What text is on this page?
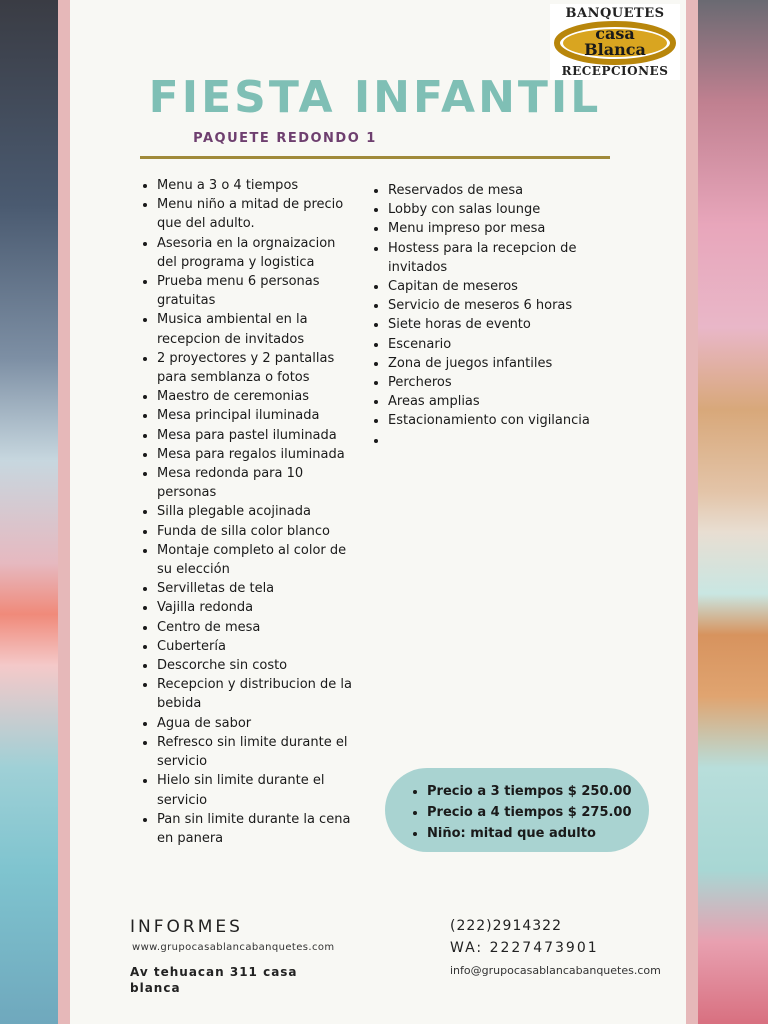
BANQUETES
casa
Blanca
RECEPCIONES
FIESTA INFANTIL
PAQUETE REDONDO 1
• Menu a 3 o 4 tiempos
• Menu niño a mitad de precio que del adulto.
• Asesoria en la orgnaizacion del programa y logistica
• Prueba menu 6 personas gratuitas
• Musica ambiental en la recepcion de invitados
• 2 proyectores y 2 pantallas para semblanza o fotos
• Maestro de ceremonias
• Mesa principal iluminada
• Mesa para pastel iluminada
• Mesa para regalos iluminada
• Mesa redonda para 10 personas
• Silla plegable acojinada
• Funda de silla color blanco
• Montaje completo al color de su elección
• Servilletas de tela
• Vajilla redonda
• Centro de mesa
• Cubertería
• Descorche sin costo
• Recepcion y distribucion de la bebida
• Agua de sabor
• Refresco sin limite durante el servicio
• Hielo sin limite durante el servicio
• Pan sin limite durante la cena en panera
• Reservados de mesa
• Lobby con salas lounge
• Menu impreso por mesa
• Hostess para la recepcion de invitados
• Capitan de meseros
• Servicio de meseros 6 horas
• Siete horas de evento
• Escenario
• Zona de juegos infantiles
• Percheros
• Areas amplias
• Estacionamiento con vigilancia
•
• Precio a 3 tiempos $ 250.00
• Precio a 4 tiempos $ 275.00
• Niño: mitad que adulto
INFORMES
www.grupocasablancabanquetes.com
Av tehuacan 311 casa blanca
(222)2914322
WA: 2227473901
info@grupocasablancabanquetes.com
